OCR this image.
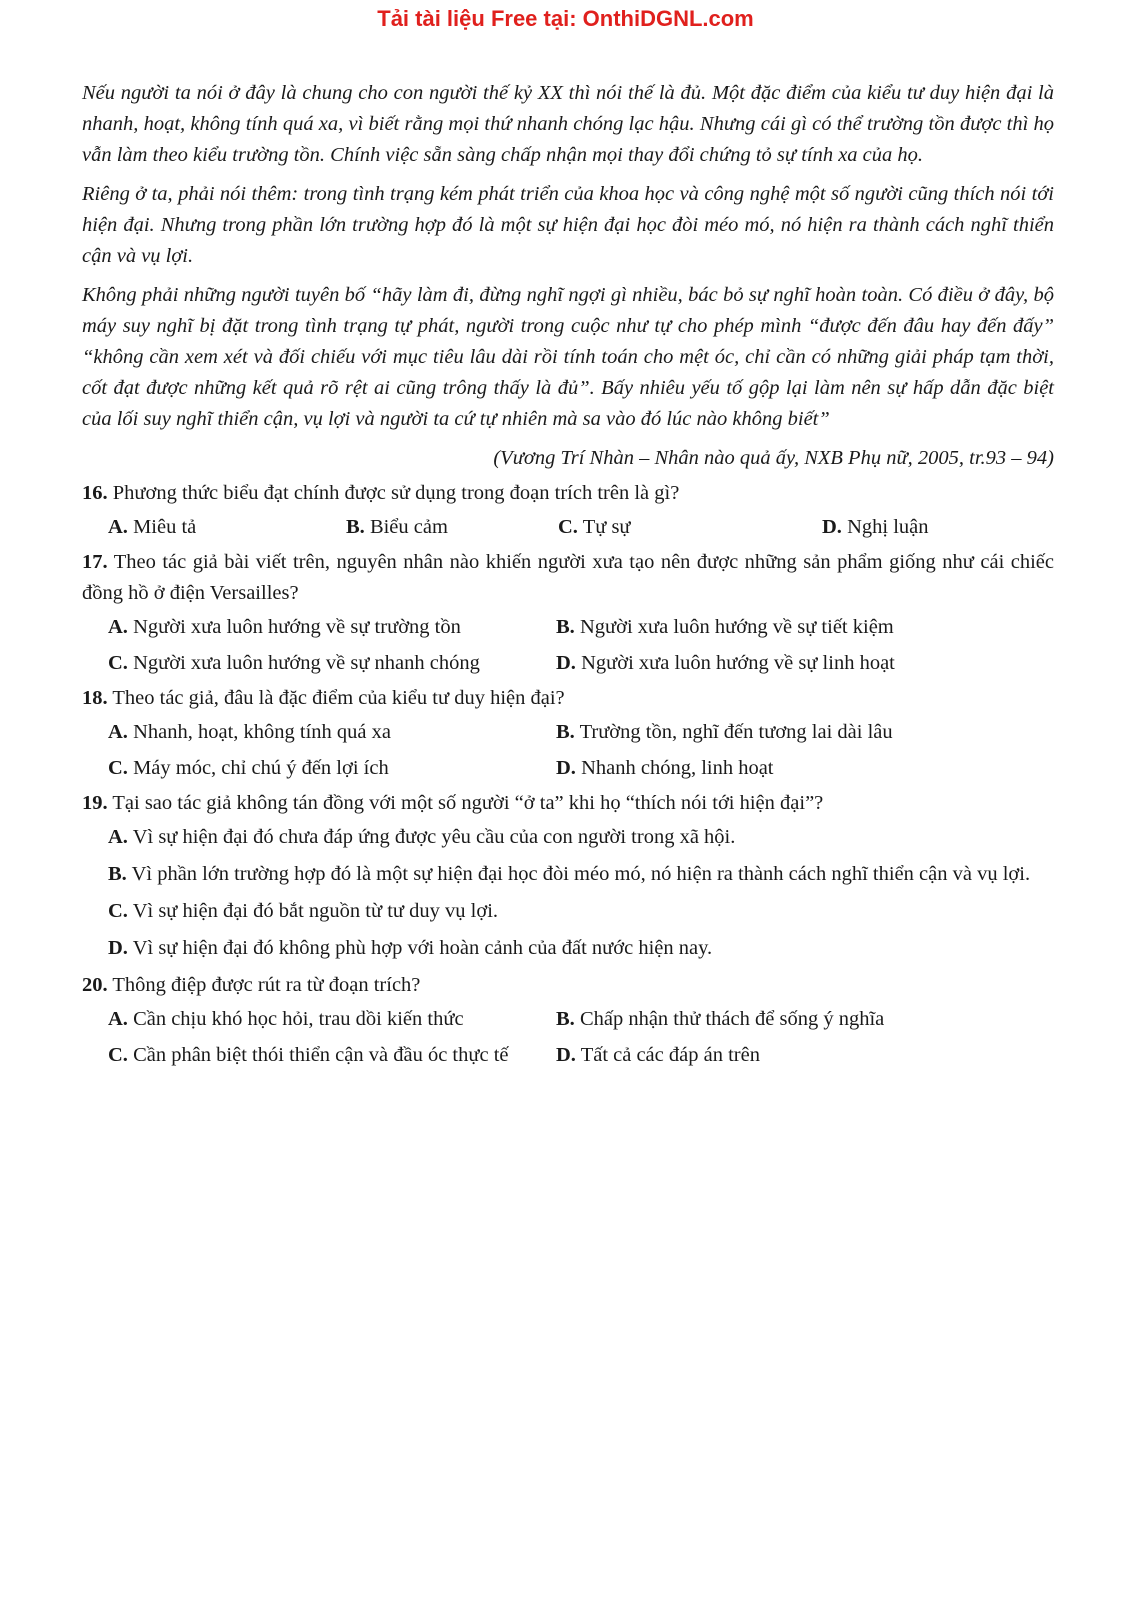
Tải tài liệu Free tại: OnthiDGNL.com

Nếu người ta nói ở đây là chung cho con người thế kỷ XX thì nói thế là đủ. Một đặc điểm của kiểu tư duy hiện đại là nhanh, hoạt, không tính quá xa, vì biết rằng mọi thứ nhanh chóng lạc hậu. Nhưng cái gì có thể trường tồn được thì họ vẫn làm theo kiểu trường tồn. Chính việc sẵn sàng chấp nhận mọi thay đổi chứng tỏ sự tính xa của họ.

Riêng ở ta, phải nói thêm: trong tình trạng kém phát triển của khoa học và công nghệ một số người cũng thích nói tới hiện đại. Nhưng trong phần lớn trường hợp đó là một sự hiện đại học đòi méo mó, nó hiện ra thành cách nghĩ thiển cận và vụ lợi.

Không phải những người tuyên bố “hãy làm đi, đừng nghĩ ngợi gì nhiều, bác bỏ sự nghĩ hoàn toàn. Có điều ở đây, bộ máy suy nghĩ bị đặt trong tình trạng tự phát, người trong cuộc như tự cho phép mình “được đến đâu hay đến đấy” “không cần xem xét và đối chiếu với mục tiêu lâu dài rồi tính toán cho mệt óc, chỉ cần có những giải pháp tạm thời, cốt đạt được những kết quả rõ rệt ai cũng trông thấy là đủ”. Bấy nhiêu yếu tố gộp lại làm nên sự hấp dẫn đặc biệt của lối suy nghĩ thiển cận, vụ lợi và người ta cứ tự nhiên mà sa vào đó lúc nào không biết”

(Vương Trí Nhàn – Nhân nào quả ấy, NXB Phụ nữ, 2005, tr.93 – 94)

16. Phương thức biểu đạt chính được sử dụng trong đoạn trích trên là gì?

A. Miêu tả	B. Biểu cảm	C. Tự sự	D. Nghị luận

17. Theo tác giả bài viết trên, nguyên nhân nào khiến người xưa tạo nên được những sản phẩm giống như cái chiếc đồng hồ ở điện Versailles?

A. Người xưa luôn hướng về sự trường tồn	B. Người xưa luôn hướng về sự tiết kiệm
C. Người xưa luôn hướng về sự nhanh chóng	D. Người xưa luôn hướng về sự linh hoạt

18. Theo tác giả, đâu là đặc điểm của kiểu tư duy hiện đại?

A. Nhanh, hoạt, không tính quá xa	B. Trường tồn, nghĩ đến tương lai dài lâu
C. Máy móc, chỉ chú ý đến lợi ích	D. Nhanh chóng, linh hoạt

19. Tại sao tác giả không tán đồng với một số người “ở ta” khi họ “thích nói tới hiện đại”?

A. Vì sự hiện đại đó chưa đáp ứng được yêu cầu của con người trong xã hội.
B. Vì phần lớn trường hợp đó là một sự hiện đại học đòi méo mó, nó hiện ra thành cách nghĩ thiển cận và vụ lợi.
C. Vì sự hiện đại đó bắt nguồn từ tư duy vụ lợi.
D. Vì sự hiện đại đó không phù hợp với hoàn cảnh của đất nước hiện nay.

20. Thông điệp được rút ra từ đoạn trích?

A. Cần chịu khó học hỏi, trau dồi kiến thức	B. Chấp nhận thử thách để sống ý nghĩa
C. Cần phân biệt thói thiển cận và đầu óc thực tế	D. Tất cả các đáp án trên
